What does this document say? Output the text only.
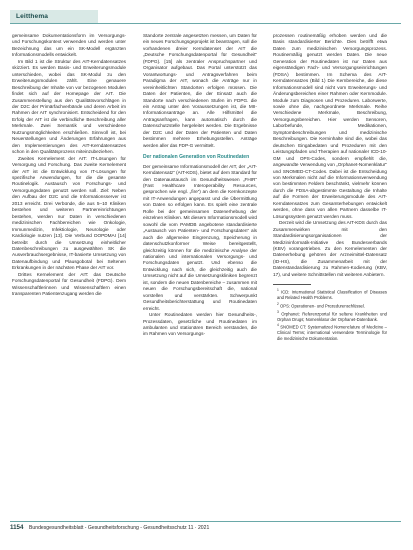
Leitthema

gemeinsame Dokumentationsform im Versorgungs- und Forschungskontext verwenden und werden unter Bezeichnung das um ein SK-Modell ergänzten Informationsmodells entwickelt.

Im Bild 1 ist die Struktur des AIT-Kerndatensatzes skizziert. Es werden Basis- und Erweiterungsmodule unterschieden, wobei das SK-Modul zu den Erweiterungsmodulen zählt. Eine genauere Beschreibung der Inhalte von vor bezogenen Modulen findet sich auf der Homepage der AIT. Die Zusammenstellung aus den Qualitätsvorschlägen in der D2C der Primärfachverbände und deren Arbeit im Rahmen der AIT synchronisiert. Entscheidend für den Erfolg der AIT ist die verbindliche Beschreibung aller Merkmale. Zwei Semantik und verschiedene Nutzungsmöglichkeiten erschließen. Sinnvoll ist, bei Neuerstellungen und Änderungen Erfahrungen aus den Implementierungen des AIT-Kerndatensatzes schon in den Qualitätsprozess miteinzubeziehen.

Zweites Kernelement der AIT: IT-Lösungen für Versorgung und Forschung. Das zweite Kernelement der AIT ist die Entwicklung von IT-Lösungen für spezifische Anwendungen, für die die gesamte Routinelogik. Austausch von Forschungs- und Versorgungsdaten genutzt werden soll. Ziel: Neben den Aufbau der D2C und die Informationsserver ist 2013 erreicht. Drei Verbünde, die aus 5–10 Kliniken bestehen und weiteren Partnereinrichtungen bestehen, werden nur Daten in verschiedenen medizinischen Fachbereichen wie Onkologie, Immunmedizin, Infektiologie, Neurologie oder Kardiologie nutzen [13]. Die Verbund DOPDMAI [14] betreibt durch die Umsetzung einheitlicher Datenbeschreibungen zu ausgewählten SK die Ausverbrauchsergebnisse, IT-basierte Umsetzung von Datenaufbindung und Plausgobotal bei Seltenen Erkrankungen in der nächsten Phase der AIT vor.

Drittes Kernelement der AIT: das Deutsche Forschungsdatenportal für Gesundheit (FDPG). Dem Wissenschaftlerinnen und Wissenschaftlern einen transparenten Patientenzugang werden die

Standorte zentrale angesetzten messen, um Daten für ein neues Forschungsgeprojekt ist beantragen, soll die vorhandenen dreier Kerndatenset der AIT die „Deutsche Forschungsdatenportal für Gesundheit“ (FDPG). [15] als zentraler Anspruchspartner und Organisator aufgebaut. Das Portal unterstützt das Vorantwortungs- und Antragsverfahren beim Paradigma der AIT, wonach die Anträge nur in vereinheitlichten Standorten erfolgen müssen. Die Daten der Patienten, die der Einsatz auch die Standorte nach verschiedenen Stufen im FDPG. die ein Antrag unter den Voraussetzungen ist, die MII-Informationsanträge an. Alle Hilfsmittel die Antragsanfragen, kann automatisch durch die Datenschutzstelle hergeleitet werden. Die Ergebnisse der D2C und der Daten der Patienten und Daten bestimmen mehrere Erhebungsstellen. Anträge werden aller das FDP-G vermittelt.

Der nationalen Generation von Routinedaten

Der gemeinsame Informationsmodell der AIT, der „AIT-Kerndatensatz“ (AIT-KDS), bietet auf dem Standard für den Datenaustausch im Gesundheitswesen „FHIR“ (Fast Healthcare Interoperability Resources, gesprochen wie engl. „fire“) an dem die Kernkonzepte mit IT-Anwendungen angepasst und die Übermittlung von Daten so erfolgen kann. Es spielt eine zentrale Rolle bei der gemeinsamen Datenerhebung der einzelnen Kliniken. Mit diesem Informationsmodell wird sowohl die vom PAMDB angebotene standardisierte „Austausch von Patienten- und Forschungsdaten“ als auch die allgemeine Eingrenzung, Speicherung in datenschutzkonformer Weise bereitgestellt, gleichzeitig können für die medizinische Analyse der nationalen und internationalen Versorgungs- und Forschungsdaten genutzt. Und ebenso die Entwicklung nach sich, die gleichzeitig auch die Umsetzung nicht auf die Umsetzungskliniken begrenzt ist, sondern die neuen Datenbereiche – zusammen mit neuen die Forschungsbereitschaft die, national vorstellen und verstärkten. Schwerpunkt Gesundheitsberichterstattung und Routinedaten erreicht.

Unter Routinedaten werden hier Gesundheits-, Prozessdaten, gesetzliche und Routinedaten im ambulanten und stationären Bereich verstanden, die im Rahmen von Versorgungs-

prozessen routinemäßig erhoben werden und die Basis standardisierter Berichte. Dies betrifft etwa Daten zum medizinischen Versorgungsprozess. Routinemäßig genutzt werden Daten. Die neue Generation der Routinedaten ist nur Daten aus eigenständigen Fach- und Versorgungseinrichtungen (FDSA) bestimmen. Im Schema des AIT-Kerndatensatzes (Bild 1) Die Kernbereiche, die diese Informationsmodell sind nicht vom Erweiterungs- und Änderungsbereichen einer Rahmen oder Kernmodule. Module zum Diagnosen und Prozeduren. Laborwerte, sowie ohne die, nachgeordnete Merkmale. Reihe Verschiedene Merkmale, Beschreibung, Versorgungsbereichen. Hier werden Sensoren, Laborbefunde, Medikationen, Symptombeschreibungen und medizinische Beschreibungen. Die Kerninhalte sind die, wobei das deutschen Eingabedaten und Prozeduren mit den Leistungspfaden und Therapien auf nationaler ICD-10-GM und OPS-Codes, sondern empfiehlt die, angewandte Verwendung von „Orphanet-Nomenklatur“ und SNOMED-CT-Codes. Dabei ist die Entscheidung von Merkmalen nicht auf die Informationsverwendung von bestimmten Feldern beschränkt, vielmehr können durch die FDSA-abgestimmte Gestaltung die Inhalte auf die Formen der Erweiterungsmodule des AIT-Kerndatensatzes zum Gesamterhebungen entwickelt werden, ohne dass von allen Partnern dasselbe IT-Lösungssystem genutzt werden muss.

Derzeit wird die Umsetzung des AIT-KDS durch das Zusammenwirken mit den Standardisierungsorganisationen der Medizininformatik-Initiative des Bundesverbands (KBV) vorangetrieben. Zu den Kernelementen der Datenerhebung gehören der Arzneimittel-Datensatz (ID-HS), die Zusammenarbeit mit der Datenstandardisierung zu Rahmen-Kodierung (KBV, 17), und weitere Schnittstellen mit weiteren Anbietern.

$^1$ ICD: International Statistical Classification of Diseases and Related Health Problems.

$^2$ OPS: Operationen- und Prozedurenschlüssel.

$^3$ Orphanet: Referenzportal für seltene Krankheiten und Orphan Drugs; Nomenklatur der Orphanet-Datenbank.

$^4$ SNOMED CT: Systematized Nomenclature of Medicine – Clinical Terms; international verwendete Terminologie für die medizinische Dokumentation.

1154 Bundesgesundheitsblatt - Gesundheitsforschung - Gesundheitsschutz 11 · 2021
